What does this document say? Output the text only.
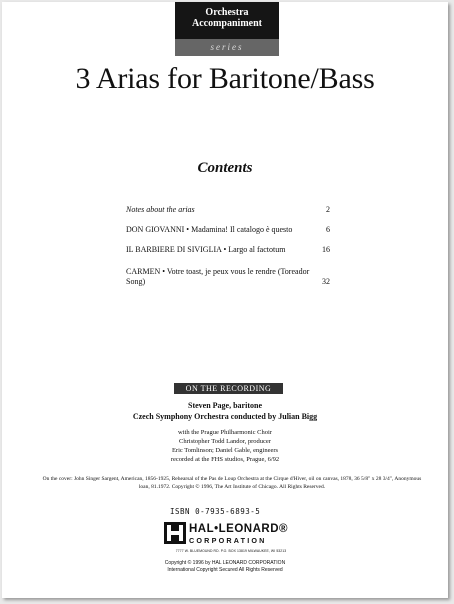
Orchestra
Accompaniment
series
3 Arias for Baritone/Bass
Contents
Notes about the arias	2
DON GIOVANNI • Madamina! Il catalogo è questo	6
IL BARBIERE DI SIVIGLIA • Largo al factotum	16
CARMEN • Votre toast, je peux vous le rendre (Toreador Song)	32
ON THE RECORDING
Steven Page, baritone
Czech Symphony Orchestra conducted by Julian Bigg
with the Prague Philharmonic Choir
Christopher Todd Landor, producer
Eric Tomlinson; Daniel Gable, engineers
recorded at the FHS studios, Prague, 6/92
On the cover: John Singer Sargent, American, 1856-1925, Rehearsal of the Pas de Loup Orchestra at the Cirque d'Hiver, oil on canvas, 1878, 36 5/8" x 28 3/4", Anonymous loan, 81.1972. Copyright © 1996, The Art Institute of Chicago. All Rights Reserved.
ISBN 0-7935-6893-5
HAL•LEONARD®
CORPORATION
7777 W. BLUEMOUND RD. P.O. BOX 13819 MILWAUKEE, WI 53213
Copyright © 1996 by HAL LEONARD CORPORATION
International Copyright Secured All Rights Reserved
